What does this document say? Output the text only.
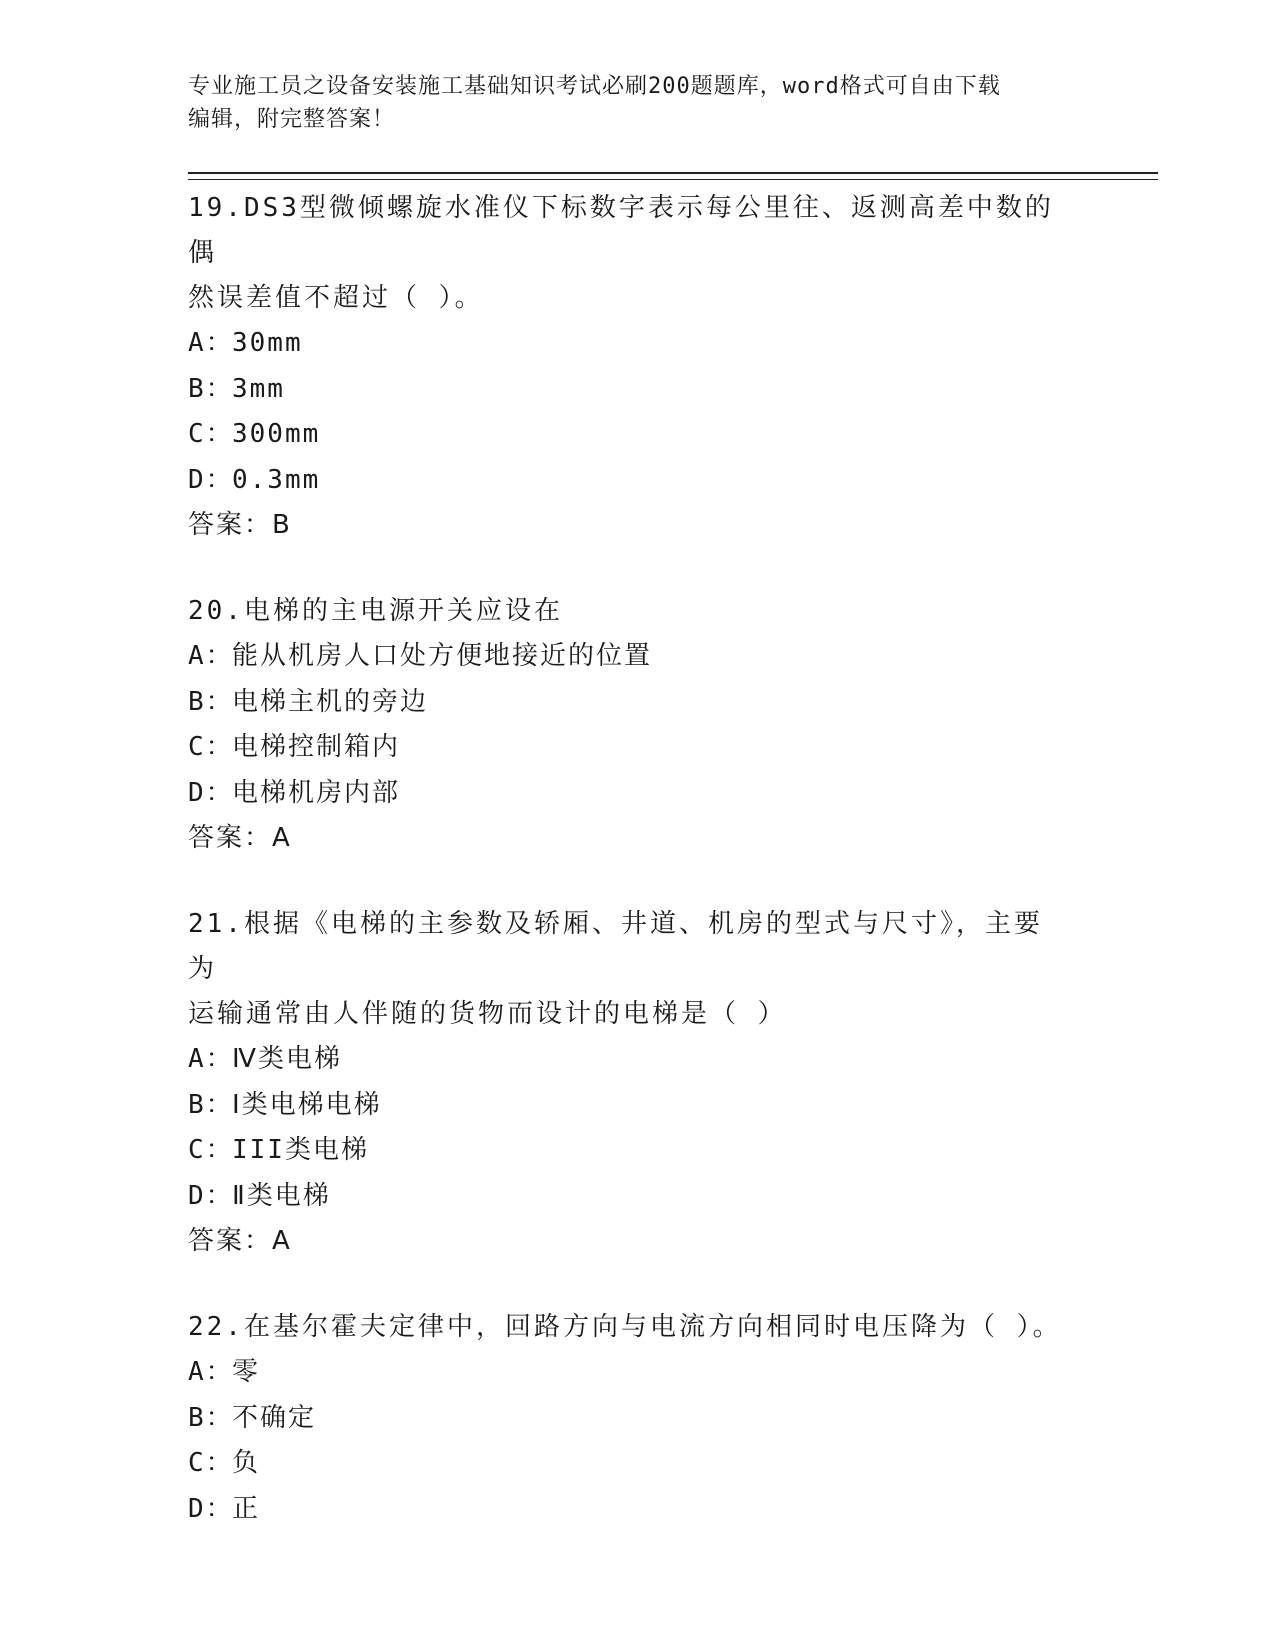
专业施工员之设备安装施工基础知识考试必刷200题题库，word格式可自由下载
编辑，附完整答案！
19.DS3型微倾螺旋水准仪下标数字表示每公里往、返测高差中数的偶
然误差值不超过（ ）。
A：30mm
B：3mm
C：300mm
D：0.3mm
答案：B
20.电梯的主电源开关应设在
A：能从机房人口处方便地接近的位置
B：电梯主机的旁边
C：电梯控制箱内
D：电梯机房内部
答案：A
21.根据《电梯的主参数及轿厢、井道、机房的型式与尺寸》，主要为
运输通常由人伴随的货物而设计的电梯是（ ）
A：Ⅳ类电梯
B：Ⅰ类电梯电梯
C：III类电梯
D：Ⅱ类电梯
答案：A
22.在基尔霍夫定律中，回路方向与电流方向相同时电压降为（ ）。
A：零
B：不确定
C：负
D：正
